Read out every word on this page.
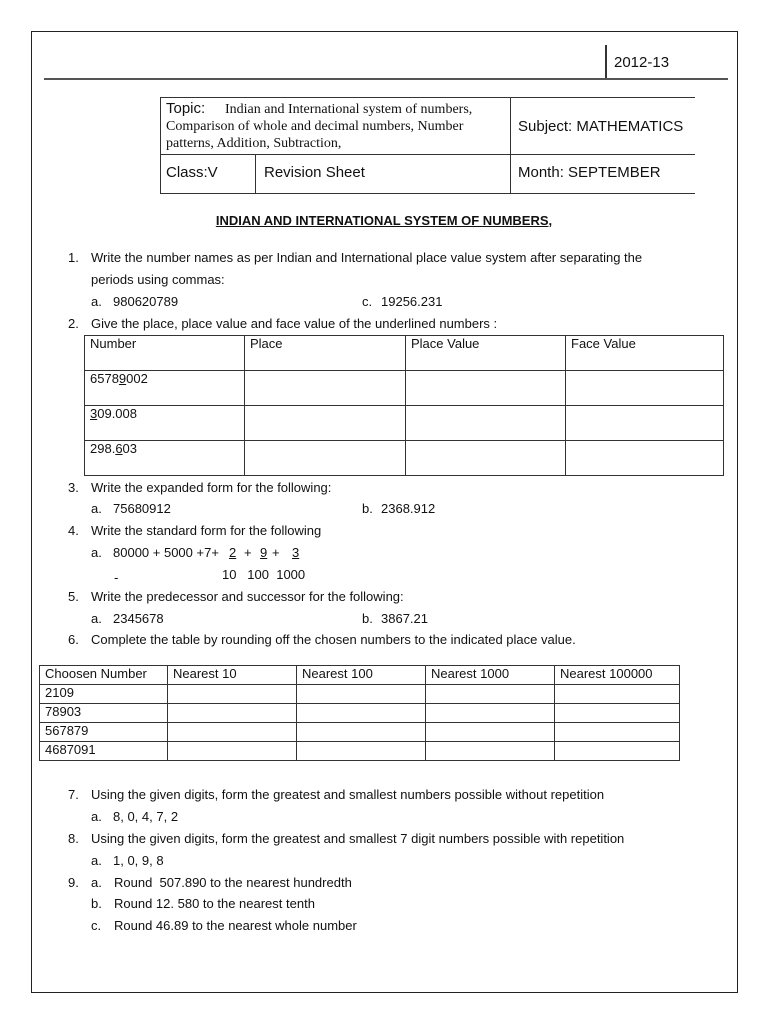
2012-13
Topic:	Indian and International system of numbers, Comparison of whole and decimal numbers, Number patterns, Addition, Subtraction,
Subject: MATHEMATICS
Class:V	Revision Sheet	Month: SEPTEMBER
INDIAN AND INTERNATIONAL SYSTEM OF NUMBERS,
1. Write the number names as per Indian and International place value system after separating the
periods using commas:
a. 980620789	c. 19256.231
2. Give the place, place value and face value of the underlined numbers :
Number	Place	Place Value	Face Value
65789002			
309.008			
298.603			
3. Write the expanded form for the following:
a. 75680912	b. 2368.912
4. Write the standard form for the following
a. 80000 + 5000 +7+ 2 + 9 + 3
-	10   100  1000
5. Write the predecessor and successor for the following:
a. 2345678	b. 3867.21
6. Complete the table by rounding off the chosen numbers to the indicated place value.
Choosen Number	Nearest 10	Nearest 100	Nearest 1000	Nearest 100000
2109				
78903				
567879				
4687091				
7. Using the given digits, form the greatest and smallest numbers possible without repetition
a. 8, 0, 4, 7, 2
8. Using the given digits, form the greatest and smallest 7 digit numbers possible with repetition
a. 1, 0, 9, 8
9. a. Round  507.890 to the nearest hundredth
b. Round 12. 580 to the nearest tenth
c. Round 46.89 to the nearest whole number
